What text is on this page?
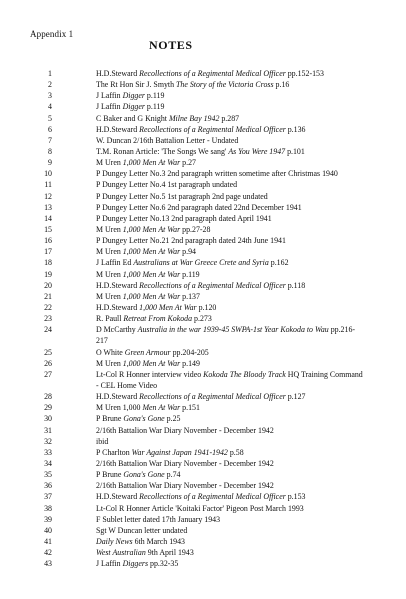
Appendix 1
NOTES
1	H.D.Steward Recollections of a Regimental Medical Officer pp.152-153
2	The Rt Hon Sir J. Smyth The Story of the Victoria Cross p.16
3	J Laffin Digger p.119
4	J Laffin Digger p.119
5	C Baker and G Knight Milne Bay 1942 p.287
6	H.D.Steward Recollections of a Regimental Medical Officer p.136
7	W. Duncan 2/16th Battalion Letter - Undated
8	T.M. Ronan Article: 'The Songs We sang' As You Were 1947 p.101
9	M Uren 1,000 Men At War p.27
10	P Dungey Letter No.3 2nd paragraph written sometime after Christmas 1940
11	P Dungey Letter No.4 1st paragraph undated
12	P Dungey Letter No.5 1st paragraph 2nd page undated
13	P Dungey Letter No.6 2nd paragraph dated 22nd December 1941
14	P Dungey Letter No.13 2nd paragraph dated April 1941
15	M Uren 1,000 Men At War pp.27-28
16	P Dungey Letter No.21 2nd paragraph dated 24th June 1941
17	M Uren 1,000 Men At War p.94
18	J Laffin Ed Australians at War Greece Crete and Syria p.162
19	M Uren 1,000 Men At War p.119
20	H.D.Steward Recollections of a Regimental Medical Officer p.118
21	M Uren 1,000 Men At War p.137
22	H.D.Steward 1,000 Men At War p.120
23	R. Paull Retreat From Kokoda p.273
24	D McCarthy Australia in the war 1939-45 SWPA-1st Year Kokoda to Wau pp.216-217
25	O White Green Armour pp.204-205
26	M Uren 1,000 Men At War p.149
27	Lt-Col R Honner interview video Kokoda The Bloody Track HQ Training Command - CEL Home Video
28	H.D.Steward Recollections of a Regimental Medical Officer p.127
29	M Uren 1,000 Men At War p.151
30	P Brune Gona's Gone p.25
31	2/16th Battalion War Diary November - December 1942
32	ibid
33	P Charlton War Against Japan 1941-1942 p.58
34	2/16th Battalion War Diary November - December 1942
35	P Brune Gona's Gone p.74
36	2/16th Battalion War Diary November - December 1942
37	H.D.Steward Recollections of a Regimental Medical Officer p.153
38	Lt-Col R Honner Article 'Koitaki Factor' Pigeon Post March 1993
39	F Sublet letter dated 17th January 1943
40	Sgt W Duncan letter undated
41	Daily News 6th March 1943
42	West Australian 9th April 1943
43	J Laffin Diggers pp.32-35
